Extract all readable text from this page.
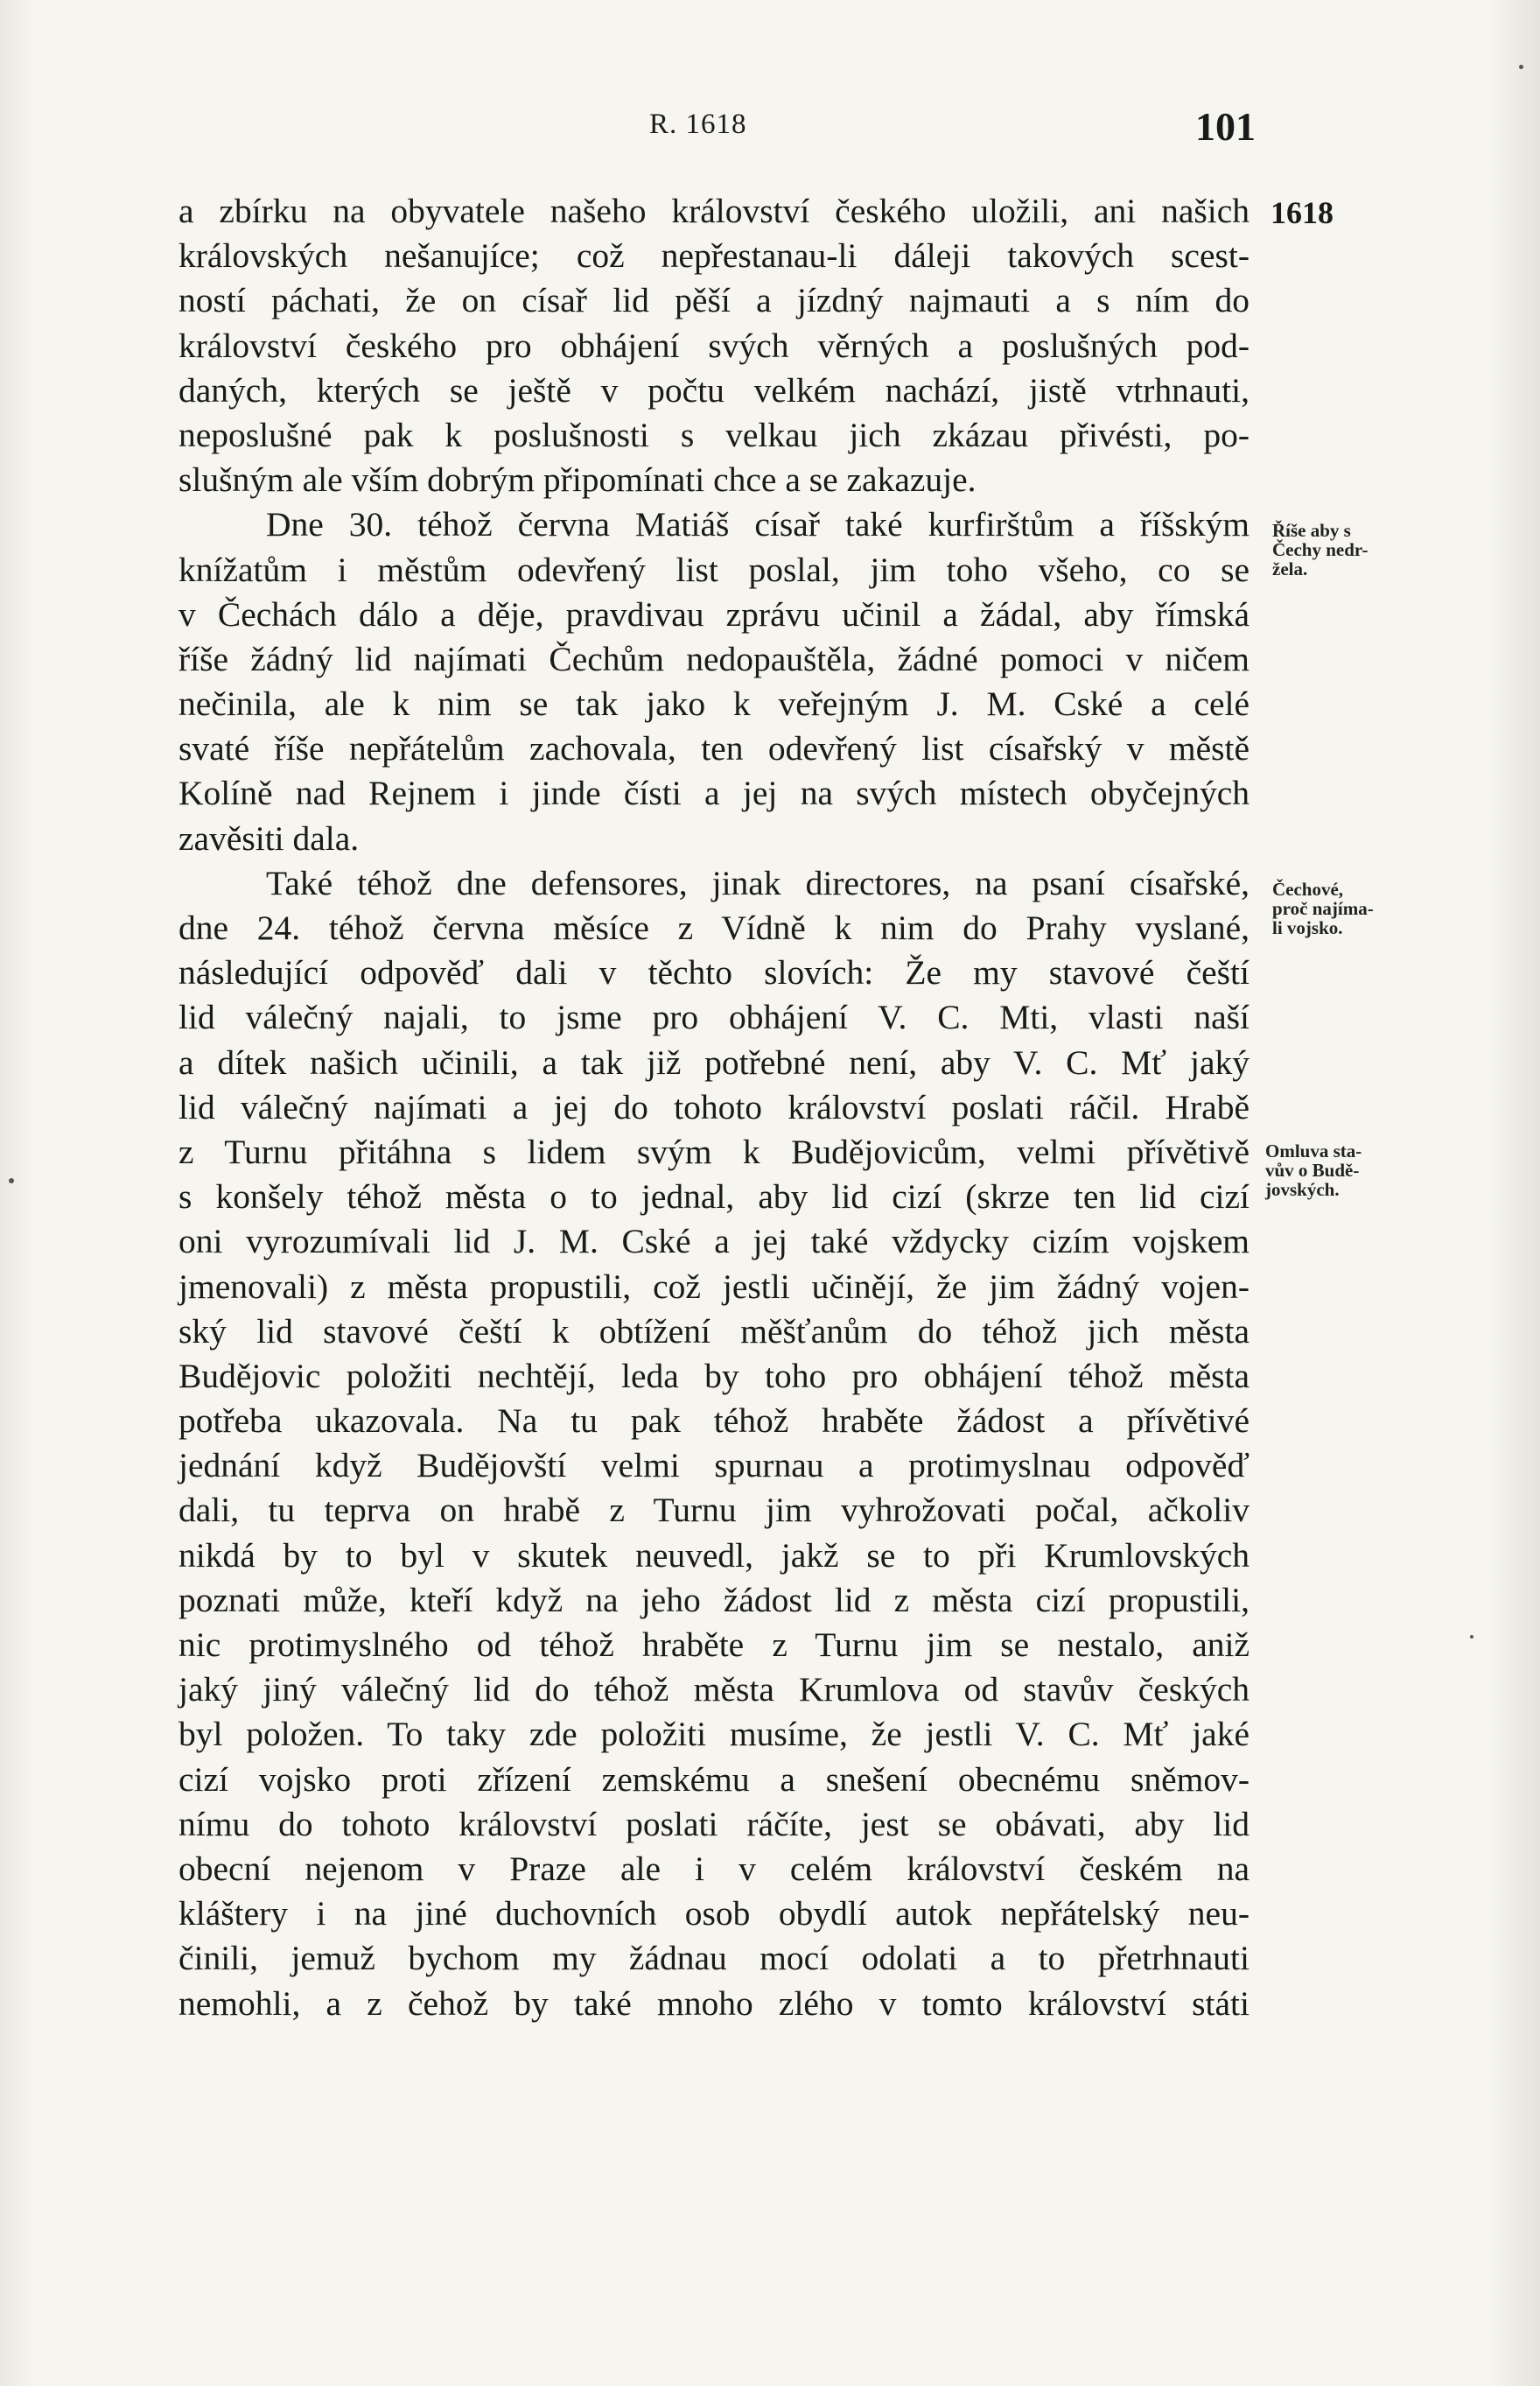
R. 1618	101
1618
a zbírku na obyvatele našeho království českého uložili, ani našich
královských nešanujíce; což nepřestanau-li dáleji takových scest-
ností páchati, že on císař lid pěší a jízdný najmauti a s ním do
království českého pro obhájení svých věrných a poslušných pod-
daných, kterých se ještě v počtu velkém nachází, jistě vtrhnauti,
neposlušné pak k poslušnosti s velkau jich zkázau přivésti, po-
slušným ale vším dobrým připomínati chce a se zakazuje.
Dne 30. téhož června Matiáš císař také kurfirštům a říšským
knížatům i městům odevřený list poslal, jim toho všeho, co se
v Čechách dálo a děje, pravdivau zprávu učinil a žádal, aby římská
říše žádný lid najímati Čechům nedopauštěla, žádné pomoci v ničem
nečinila, ale k nim se tak jako k veřejným J. M. Cské a celé
svaté říše nepřátelům zachovala, ten odevřený list císařský v městě
Kolíně nad Rejnem i jinde čísti a jej na svých místech obyčejných
zavěsiti dala.
Také téhož dne defensores, jinak directores, na psaní císařské,
dne 24. téhož června měsíce z Vídně k nim do Prahy vyslané,
následující odpověď dali v těchto slovích: Že my stavové čeští
lid válečný najali, to jsme pro obhájení V. C. Mti, vlasti naší
a dítek našich učinili, a tak již potřebné není, aby V. C. Mť jaký
lid válečný najímati a jej do tohoto království poslati ráčil. Hrabě
z Turnu přitáhna s lidem svým k Budějovicům, velmi přívětivě
s konšely téhož města o to jednal, aby lid cizí (skrze ten lid cizí
oni vyrozumívali lid J. M. Cské a jej také vždycky cizím vojskem
jmenovali) z města propustili, což jestli učinějí, že jim žádný vojen-
ský lid stavové čeští k obtížení měšťanům do téhož jich města
Budějovic položiti nechtějí, leda by toho pro obhájení téhož města
potřeba ukazovala. Na tu pak téhož hraběte žádost a přívětivé
jednání když Budějovští velmi spurnau a protimyslnau odpověď
dali, tu teprva on hrabě z Turnu jim vyhrožovati počal, ačkoliv
nikdá by to byl v skutek neuvedl, jakž se to při Krumlovských
poznati může, kteří když na jeho žádost lid z města cizí propustili,
nic protimyslného od téhož hraběte z Turnu jim se nestalo, aniž
jaký jiný válečný lid do téhož města Krumlova od stavův českých
byl položen. To taky zde položiti musíme, že jestli V. C. Mť jaké
cizí vojsko proti zřízení zemskému a snešení obecnému sněmov-
nímu do tohoto království poslati ráčíte, jest se obávati, aby lid
obecní nejenom v Praze ale i v celém království českém na
kláštery i na jiné duchovních osob obydlí autok nepřátelský neu-
činili, jemuž bychom my žádnau mocí odolati a to přetrhnauti
nemohli, a z čehož by také mnoho zlého v tomto království státi
Říše aby s
Čechy nedr-
žela.
Čechové,
proč najíma-
li vojsko.
Omluva sta-
vův o Budě-
jovských.
